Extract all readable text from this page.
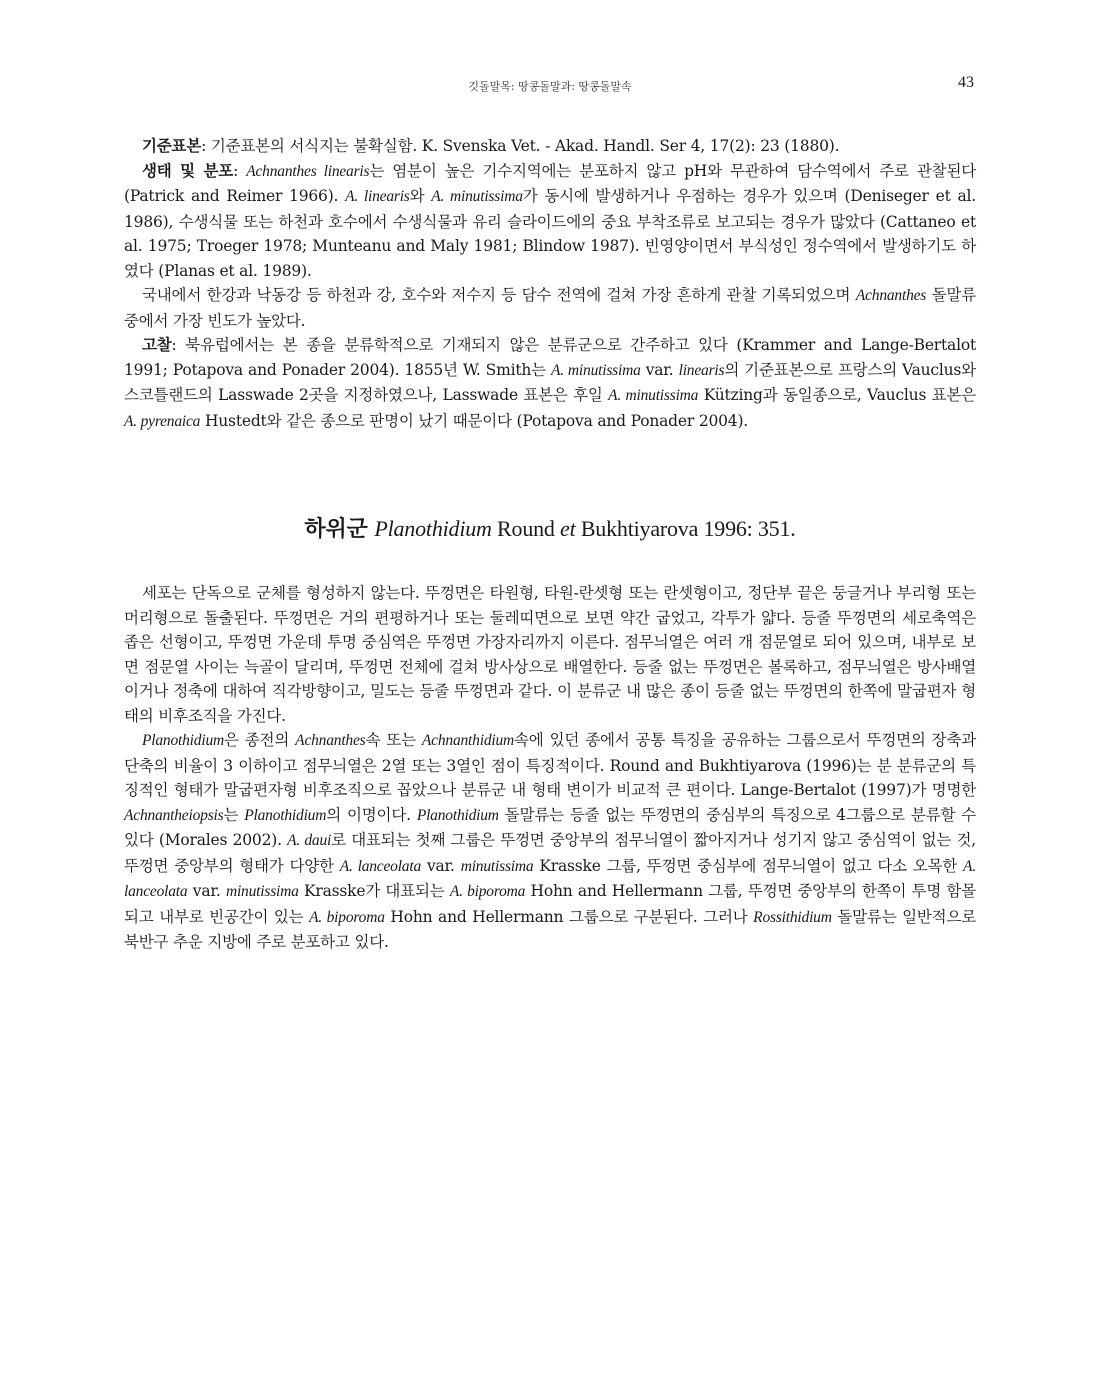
깃돌말목: 땅콩돌말과: 땅콩돌말속	43

기준표본: 기준표본의 서식지는 불확실함. K. Svenska Vet. - Akad. Handl. Ser 4, 17(2): 23 (1880).

생태 및 분포: Achnanthes linearis는 염분이 높은 기수지역에는 분포하지 않고 pH와 무관하여 담수역에서 주로 관찰된다 (Patrick and Reimer 1966). A. linearis와 A. minutissima가 동시에 발생하거나 우점하는 경우가 있으며 (Deniseger et al. 1986), 수생식물 또는 하천과 호수에서 수생식물과 유리 슬라이드에의 중요 부착조류로 보고되는 경우가 많았다 (Cattaneo et al. 1975; Troeger 1978; Munteanu and Maly 1981; Blindow 1987). 빈영양이면서 부식성인 정수역에서 발생하기도 하였다 (Planas et al. 1989).

국내에서 한강과 낙동강 등 하천과 강, 호수와 저수지 등 담수 전역에 걸쳐 가장 흔하게 관찰 기록되었으며 Achnanthes 돌말류 중에서 가장 빈도가 높았다.

고찰: 북유럽에서는 본 종을 분류학적으로 기재되지 않은 분류군으로 간주하고 있다 (Krammer and Lange-Bertalot 1991; Potapova and Ponader 2004). 1855년 W. Smith는 A. minutissima var. linearis의 기준표본으로 프랑스의 Vauclus와 스코틀랜드의 Lasswade 2곳을 지정하였으나, Lasswade 표본은 후일 A. minutissima Kützing과 동일종으로, Vauclus 표본은 A. pyrenaica Hustedt와 같은 종으로 판명이 났기 때문이다 (Potapova and Ponader 2004).

하위군 Planothidium Round et Bukhtiyarova 1996: 351.

세포는 단독으로 군체를 형성하지 않는다. 뚜껑면은 타원형, 타원-란셋형 또는 란셋형이고, 정단부 끝은 둥글거나 부리형 또는 머리형으로 돌출된다. 뚜껑면은 거의 편평하거나 또는 둘레띠면으로 보면 약간 굽었고, 각투가 얇다. 등줄 뚜껑면의 세로축역은 좁은 선형이고, 뚜껑면 가운데 투명 중심역은 뚜껑면 가장자리까지 이른다. 점무늬열은 여러 개 점문열로 되어 있으며, 내부로 보면 점문열 사이는 늑골이 달리며, 뚜껑면 전체에 걸쳐 방사상으로 배열한다. 등줄 없는 뚜껑면은 볼록하고, 점무늬열은 방사배열이거나 정축에 대하여 직각방향이고, 밀도는 등줄 뚜껑면과 같다. 이 분류군 내 많은 종이 등줄 없는 뚜껑면의 한쪽에 말굽편자 형태의 비후조직을 가진다.

Planothidium은 종전의 Achnanthes속 또는 Achnanthidium속에 있던 종에서 공통 특징을 공유하는 그룹으로서 뚜껑면의 장축과 단축의 비율이 3 이하이고 점무늬열은 2열 또는 3열인 점이 특징적이다. Round and Bukhtiyarova (1996)는 분 분류군의 특징적인 형태가 말굽편자형 비후조직으로 꼽았으나 분류군 내 형태 변이가 비교적 큰 편이다. Lange-Bertalot (1997)가 명명한 Achnantheiopsis는 Planothidium의 이명이다. Planothidium 돌말류는 등줄 없는 뚜껑면의 중심부의 특징으로 4그룹으로 분류할 수 있다 (Morales 2002). A. daui로 대표되는 첫째 그룹은 뚜껑면 중앙부의 점무늬열이 짧아지거나 성기지 않고 중심역이 없는 것, 뚜껑면 중앙부의 형태가 다양한 A. lanceolata var. minutissima Krasske 그룹, 뚜껑면 중심부에 점무늬열이 없고 다소 오목한 A. lanceolata var. minutissima Krasske가 대표되는 A. biporoma Hohn and Hellermann 그룹, 뚜껑면 중앙부의 한쪽이 투명 함몰되고 내부로 빈공간이 있는 A. biporoma Hohn and Hellermann 그룹으로 구분된다. 그러나 Rossithidium 돌말류는 일반적으로 북반구 추운 지방에 주로 분포하고 있다.
